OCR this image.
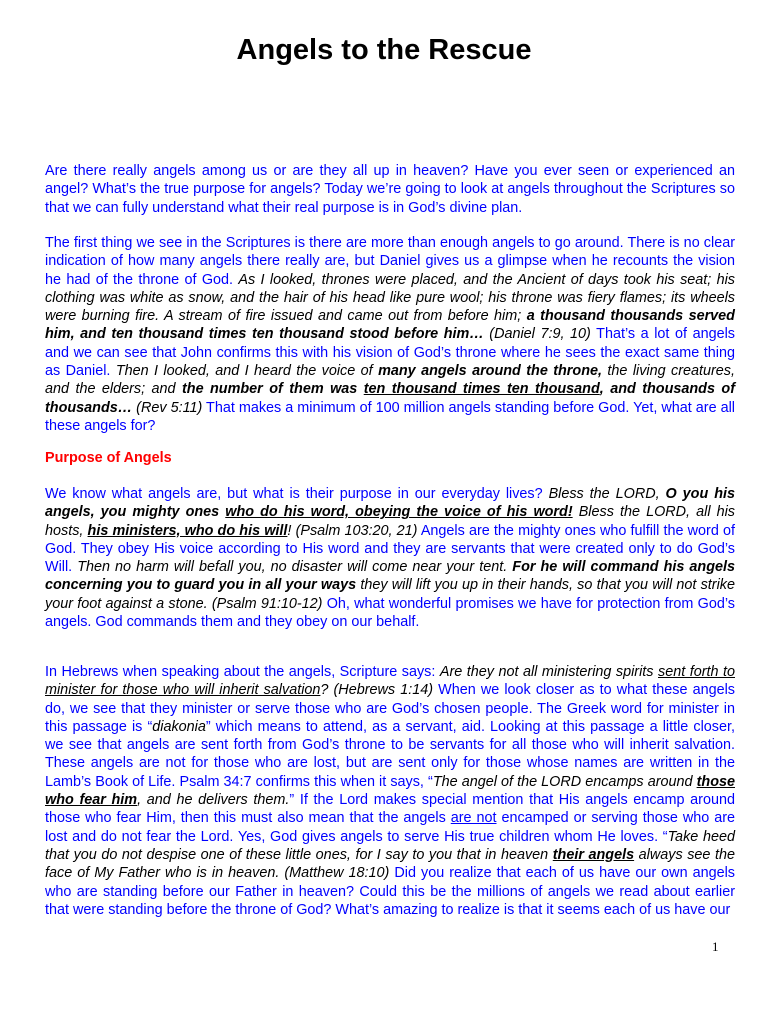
Angels to the Rescue

Are there really angels among us or are they all up in heaven? Have you ever seen or experienced an angel? What’s the true purpose for angels? Today we’re going to look at angels throughout the Scriptures so that we can fully understand what their real purpose is in God’s divine plan.

The first thing we see in the Scriptures is there are more than enough angels to go around. There is no clear indication of how many angels there really are, but Daniel gives us a glimpse when he recounts the vision he had of the throne of God. As I looked, thrones were placed, and the Ancient of days took his seat; his clothing was white as snow, and the hair of his head like pure wool; his throne was fiery flames; its wheels were burning fire. A stream of fire issued and came out from before him; a thousand thousands served him, and ten thousand times ten thousand stood before him… (Daniel 7:9, 10) That’s a lot of angels and we can see that John confirms this with his vision of God’s throne where he sees the exact same thing as Daniel. Then I looked, and I heard the voice of many angels around the throne, the living creatures, and the elders; and the number of them was ten thousand times ten thousand, and thousands of thousands… (Rev 5:11) That makes a minimum of 100 million angels standing before God. Yet, what are all these angels for?

Purpose of Angels

We know what angels are, but what is their purpose in our everyday lives? Bless the LORD, O you his angels, you mighty ones who do his word, obeying the voice of his word! Bless the LORD, all his hosts, his ministers, who do his will! (Psalm 103:20, 21) Angels are the mighty ones who fulfill the word of God. They obey His voice according to His word and they are servants that were created only to do God’s Will. Then no harm will befall you, no disaster will come near your tent. For he will command his angels concerning you to guard you in all your ways they will lift you up in their hands, so that you will not strike your foot against a stone. (Psalm 91:10-12) Oh, what wonderful promises we have for protection from God’s angels. God commands them and they obey on our behalf.

In Hebrews when speaking about the angels, Scripture says: Are they not all ministering spirits sent forth to minister for those who will inherit salvation? (Hebrews 1:14) When we look closer as to what these angels do, we see that they minister or serve those who are God’s chosen people. The Greek word for minister in this passage is “diakonia” which means to attend, as a servant, aid. Looking at this passage a little closer, we see that angels are sent forth from God’s throne to be servants for all those who will inherit salvation. These angels are not for those who are lost, but are sent only for those whose names are written in the Lamb’s Book of Life. Psalm 34:7 confirms this when it says, “The angel of the LORD encamps around those who fear him, and he delivers them.” If the Lord makes special mention that His angels encamp around those who fear Him, then this must also mean that the angels are not encamped or serving those who are lost and do not fear the Lord. Yes, God gives angels to serve His true children whom He loves. “Take heed that you do not despise one of these little ones, for I say to you that in heaven their angels always see the face of My Father who is in heaven. (Matthew 18:10) Did you realize that each of us have our own angels who are standing before our Father in heaven? Could this be the millions of angels we read about earlier that were standing before the throne of God? What’s amazing to realize is that it seems each of us have our

1
